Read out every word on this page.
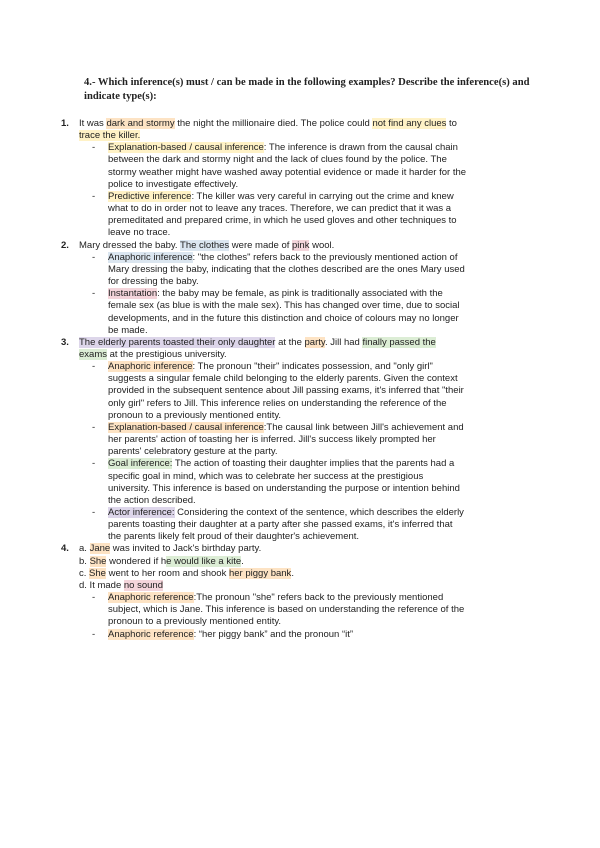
4.- Which inference(s) must / can be made in the following examples? Describe the inference(s) and indicate type(s):
1. It was dark and stormy the night the millionaire died. The police could not find any clues to
trace the killer.
- Explanation-based / causal inference: The inference is drawn from the causal chain
between the dark and stormy night and the lack of clues found by the police. The
stormy weather might have washed away potential evidence or made it harder for the
police to investigate effectively.
- Predictive inference: The killer was very careful in carrying out the crime and knew
what to do in order not to leave any traces. Therefore, we can predict that it was a
premeditated and prepared crime, in which he used gloves and other techniques to
leave no trace.
2. Mary dressed the baby. The clothes were made of pink wool.
- Anaphoric inference: "the clothes" refers back to the previously mentioned action of
Mary dressing the baby, indicating that the clothes described are the ones Mary used
for dressing the baby.
- Instantation: the baby may be female, as pink is traditionally associated with the
female sex (as blue is with the male sex). This has changed over time, due to social
developments, and in the future this distinction and choice of colours may no longer
be made.
3. The elderly parents toasted their only daughter at the party. Jill had finally passed the
exams at the prestigious university.
- Anaphoric inference: The pronoun "their" indicates possession, and "only girl"
suggests a singular female child belonging to the elderly parents. Given the context
provided in the subsequent sentence about Jill passing exams, it's inferred that "their
only girl" refers to Jill. This inference relies on understanding the reference of the
pronoun to a previously mentioned entity.
- Explanation-based / causal inference:The causal link between Jill's achievement and
her parents' action of toasting her is inferred. Jill's success likely prompted her
parents' celebratory gesture at the party.
- Goal inference: The action of toasting their daughter implies that the parents had a
specific goal in mind, which was to celebrate her success at the prestigious
university. This inference is based on understanding the purpose or intention behind
the action described.
- Actor inference: Considering the context of the sentence, which describes the elderly
parents toasting their daughter at a party after she passed exams, it's inferred that
the parents likely felt proud of their daughter's achievement.
4. a. Jane was invited to Jack's birthday party.
b. She wondered if he would like a kite.
c. She went to her room and shook her piggy bank.
d. It made no sound
- Anaphoric reference:The pronoun "she" refers back to the previously mentioned
subject, which is Jane. This inference is based on understanding the reference of the
pronoun to a previously mentioned entity.
- Anaphoric reference: “her piggy bank” and the pronoun “it”
